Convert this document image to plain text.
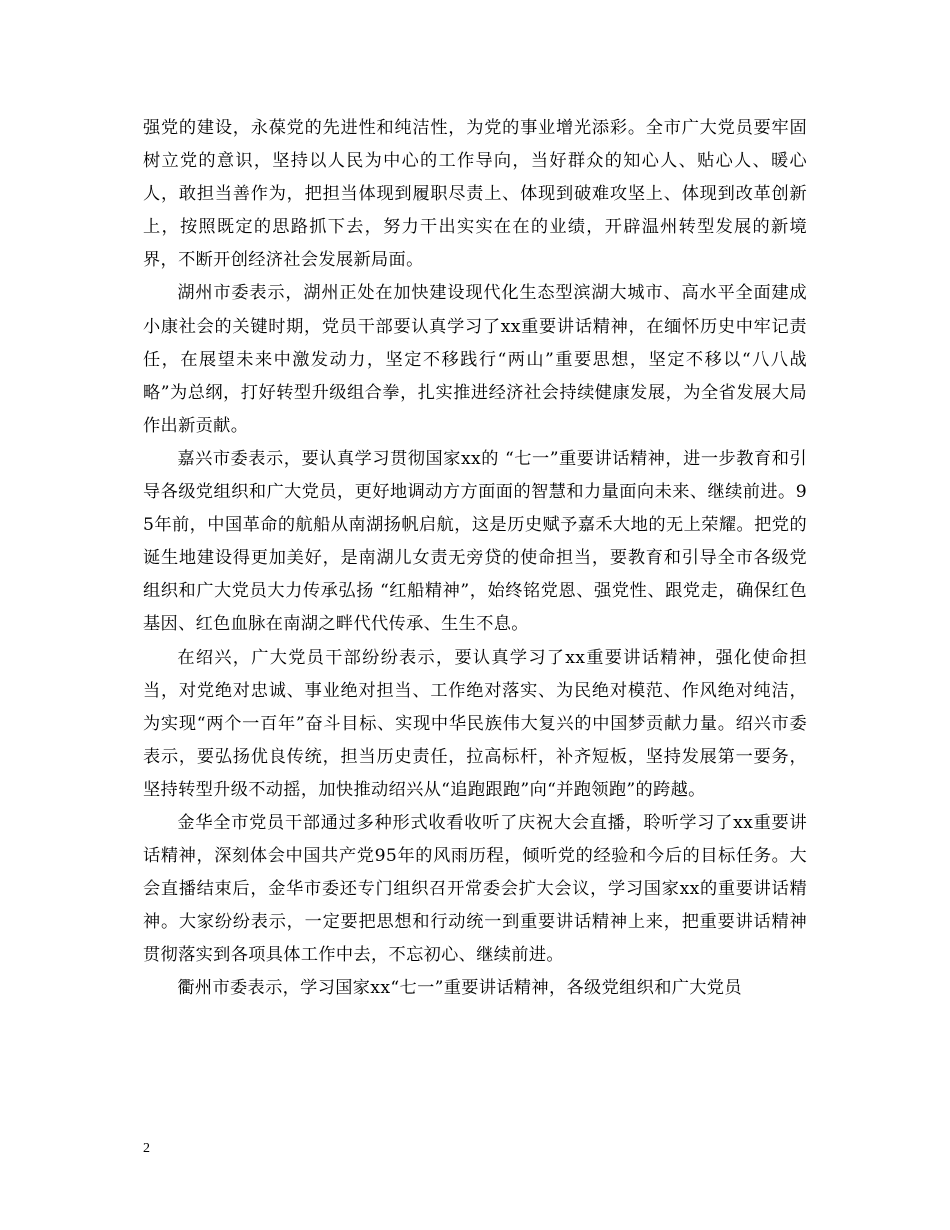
强党的建设，永葆党的先进性和纯洁性，为党的事业增光添彩。全市广大党员要牢固树立党的意识，坚持以人民为中心的工作导向，当好群众的知心人、贴心人、暖心人，敢担当善作为，把担当体现到履职尽责上、体现到破难攻坚上、体现到改革创新上，按照既定的思路抓下去，努力干出实实在在的业绩，开辟温州转型发展的新境界，不断开创经济社会发展新局面。

湖州市委表示，湖州正处在加快建设现代化生态型滨湖大城市、高水平全面建成小康社会的关键时期，党员干部要认真学习了xx重要讲话精神，在缅怀历史中牢记责任，在展望未来中激发动力，坚定不移践行“两山”重要思想，坚定不移以“八八战略”为总纲，打好转型升级组合拳，扎实推进经济社会持续健康发展，为全省发展大局作出新贡献。

嘉兴市委表示，要认真学习贯彻国家xx的 “七一”重要讲话精神，进一步教育和引导各级党组织和广大党员，更好地调动方方面面的智慧和力量面向未来、继续前进。95年前，中国革命的航船从南湖扬帆启航，这是历史赋予嘉禾大地的无上荣耀。把党的诞生地建设得更加美好，是南湖儿女责无旁贷的使命担当，要教育和引导全市各级党组织和广大党员大力传承弘扬 “红船精神”，始终铭党恩、强党性、跟党走，确保红色基因、红色血脉在南湖之畔代代传承、生生不息。

在绍兴，广大党员干部纷纷表示，要认真学习了xx重要讲话精神，强化使命担当，对党绝对忠诚、事业绝对担当、工作绝对落实、为民绝对模范、作风绝对纯洁，为实现“两个一百年”奋斗目标、实现中华民族伟大复兴的中国梦贡献力量。绍兴市委表示，要弘扬优良传统，担当历史责任，拉高标杆，补齐短板，坚持发展第一要务，坚持转型升级不动摇，加快推动绍兴从“追跑跟跑”向“并跑领跑”的跨越。

金华全市党员干部通过多种形式收看收听了庆祝大会直播，聆听学习了xx重要讲话精神，深刻体会中国共产党95年的风雨历程，倾听党的经验和今后的目标任务。大会直播结束后，金华市委还专门组织召开常委会扩大会议，学习国家xx的重要讲话精神。大家纷纷表示，一定要把思想和行动统一到重要讲话精神上来，把重要讲话精神贯彻落实到各项具体工作中去，不忘初心、继续前进。

衢州市委表示，学习国家xx“七一”重要讲话精神，各级党组织和广大党员

2
